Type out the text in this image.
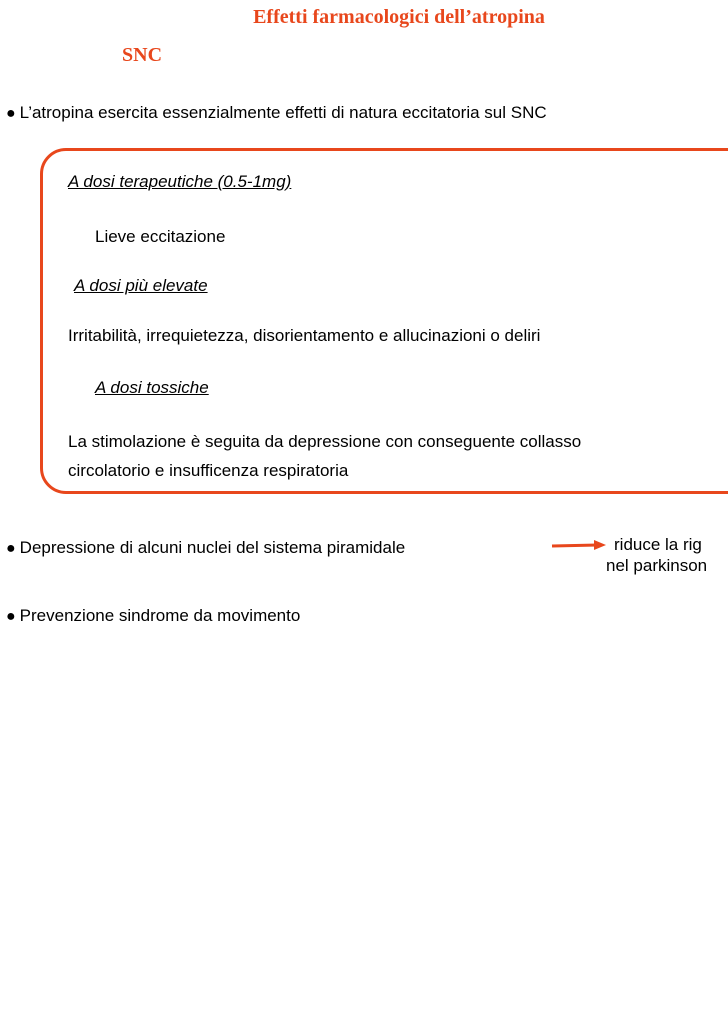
Effetti farmacologici dell’atropina
SNC
● L’atropina esercita essenzialmente effetti di natura eccitatoria sul SNC
A dosi terapeutiche (0.5-1mg)
Lieve eccitazione
A dosi più elevate
Irritabilità, irrequietezza, disorientamento e allucinazioni o deliri
A dosi tossiche
La stimolazione è seguita da depressione con conseguente collasso
circolatorio e insufficenza respiratoria
● Depressione di alcuni nuclei del sistema piramidale	riduce la rig
nel parkinson
● Prevenzione sindrome da movimento
